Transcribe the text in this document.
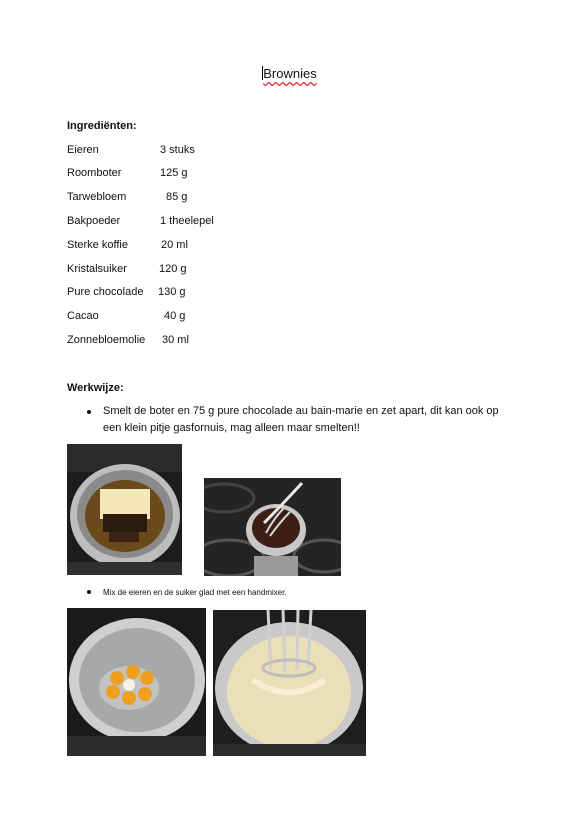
Brownies
Ingrediënten:
Eieren	3 stuks
Roomboter	125 g
Tarwebloem	85 g
Bakpoeder	1 theelepel
Sterke koffie	20 ml
Kristalsuiker	120 g
Pure chocolade 130 g
Cacao	40 g
Zonnebloemolie 30 ml
Werkwijze:
Smelt de boter en 75 g pure chocolade au bain-marie en zet apart, dit kan ook op
een klein pitje gasfornuis, mag alleen maar smelten!!
Mix de eieren en de suiker glad met een handmixer.
